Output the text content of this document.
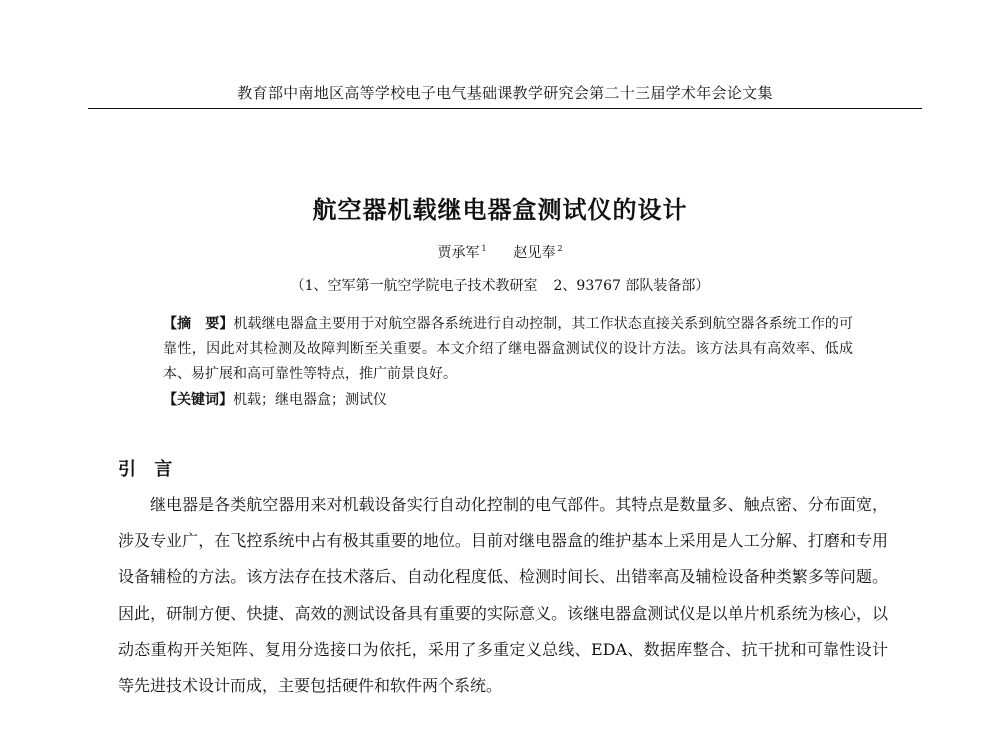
教育部中南地区高等学校电子电气基础课教学研究会第二十三届学术年会论文集
航空器机载继电器盒测试仪的设计
贾承军 $^1$ 赵见奉 $^2$
（1、空军第一航空学院电子技术教研室 2、93767 部队装备部）
【摘　要】机载继电器盒主要用于对航空器各系统进行自动控制，其工作状态直接关系到航空器各系统工作的可靠性，因此对其检测及故障判断至关重要。本文介绍了继电器盒测试仪的设计方法。该方法具有高效率、低成本、易扩展和高可靠性等特点，推广前景良好。
【关键词】机载；继电器盒；测试仪
引 言

继电器是各类航空器用来对机载设备实行自动化控制的电气部件。其特点是数量多、触点密、分布面宽，涉及专业广，在飞控系统中占有极其重要的地位。目前对继电器盒的维护基本上采用是人工分解、打磨和专用设备辅检的方法。该方法存在技术落后、自动化程度低、检测时间长、出错率高及辅检设备种类繁多等问题。因此，研制方便、快捷、高效的测试设备具有重要的实际意义。该继电器盒测试仪是以单片机系统为核心，以动态重构开关矩阵、复用分选接口为依托，采用了多重定义总线、EDA、数据库整合、抗干扰和可靠性设计等先进技术设计而成，主要包括硬件和软件两个系统。
